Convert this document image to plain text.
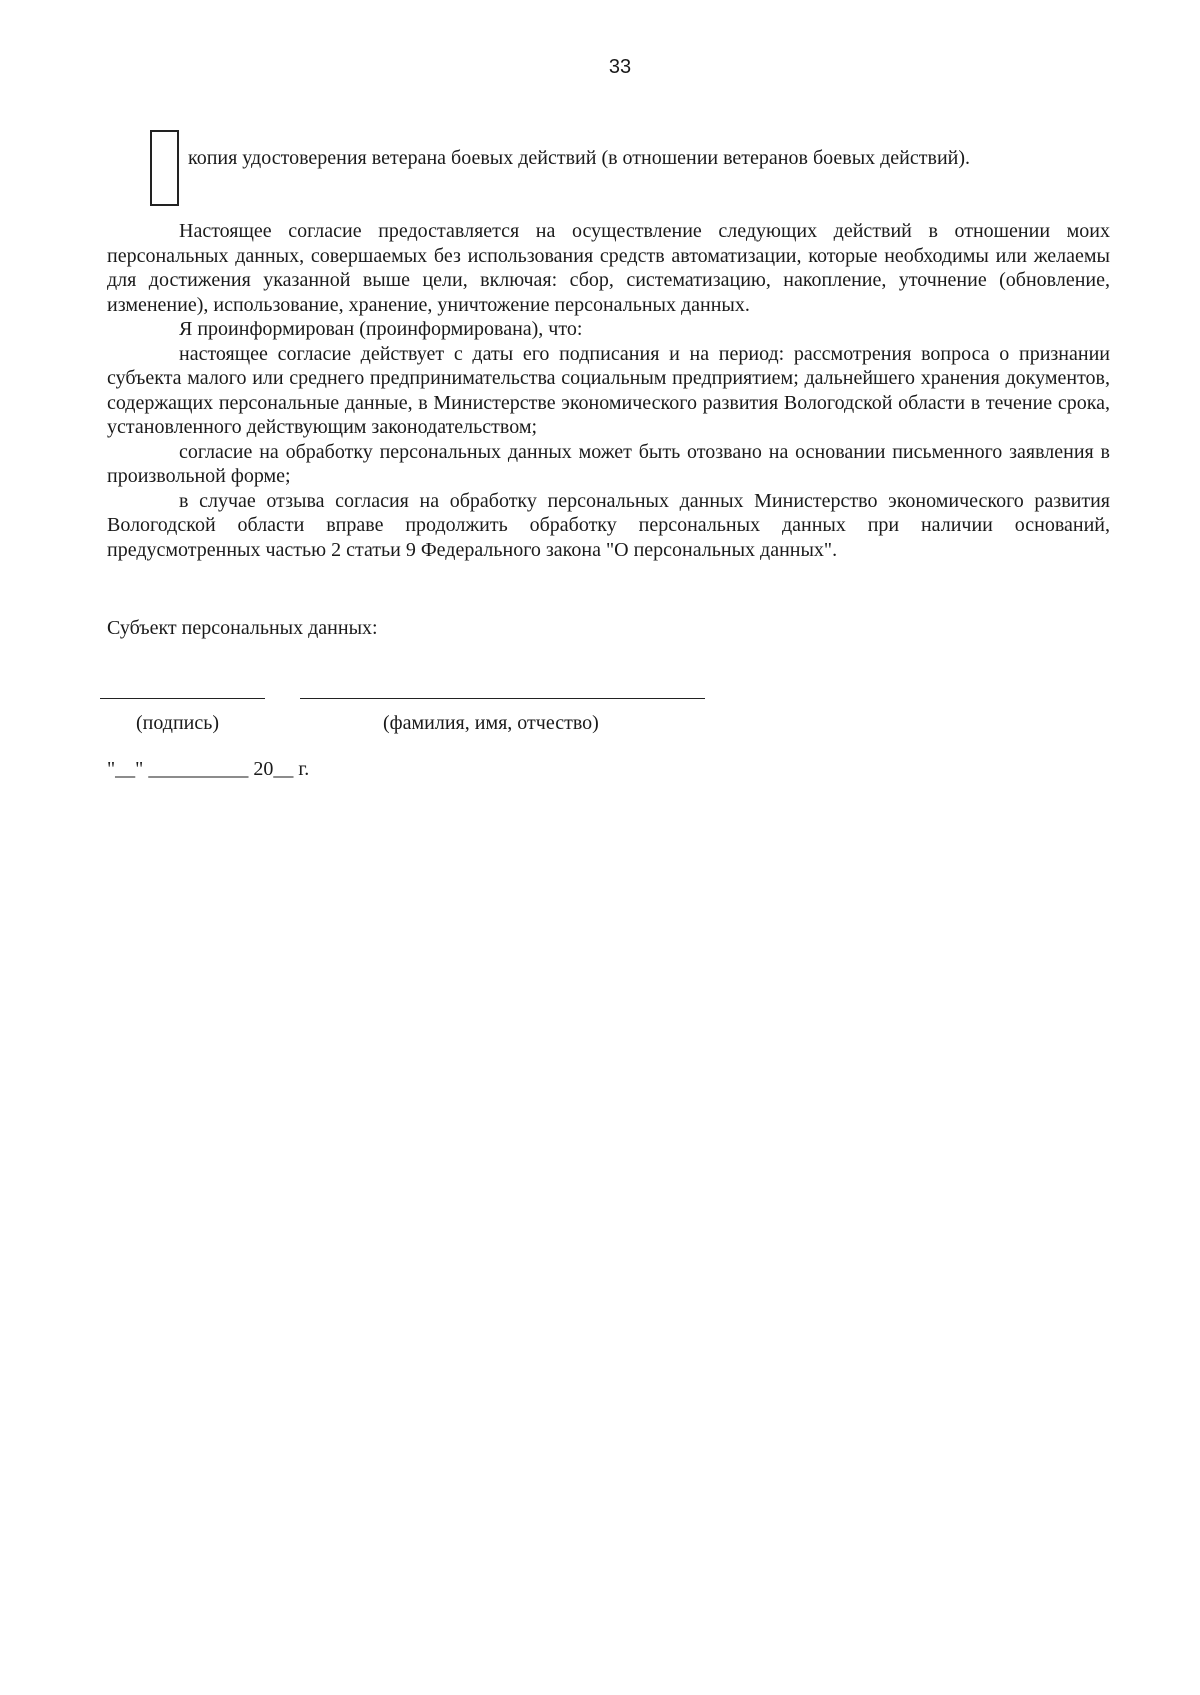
33
копия удостоверения ветерана боевых действий (в отношении ветеранов боевых действий).

Настоящее согласие предоставляется на осуществление следующих действий в отношении моих персональных данных, совершаемых без использования средств автоматизации, которые необходимы или желаемы для достижения указанной выше цели, включая: сбор, систематизацию, накопление, уточнение (обновление, изменение), использование, хранение, уничтожение персональных данных.

Я проинформирован (проинформирована), что:

настоящее согласие действует с даты его подписания и на период: рассмотрения вопроса о признании субъекта малого или среднего предпринимательства социальным предприятием; дальнейшего хранения документов, содержащих персональные данные, в Министерстве экономического развития Вологодской области в течение срока, установленного действующим законодательством;

согласие на обработку персональных данных может быть отозвано на основании письменного заявления в произвольной форме;

в случае отзыва согласия на обработку персональных данных Министерство экономического развития Вологодской области вправе продолжить обработку персональных данных при наличии оснований, предусмотренных частью 2 статьи 9 Федерального закона "О персональных данных".

Субъект персональных данных:
(подпись)	(фамилия, имя, отчество)
"__" __________ 20__ г.
